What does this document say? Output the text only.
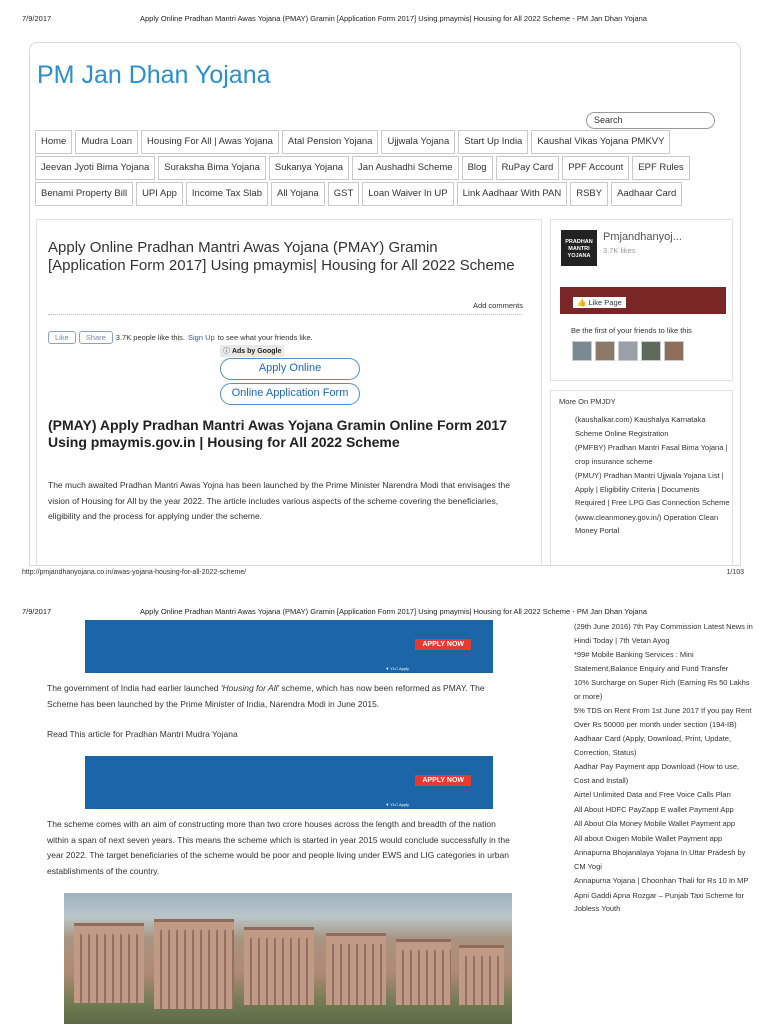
7/9/2017	Apply Online Pradhan Mantri Awas Yojana (PMAY) Gramin [Application Form 2017] Using pmaymis| Housing for All 2022 Scheme - PM Jan Dhan Yojana
PM Jan Dhan Yojana
Search
Home	Mudra Loan	Housing For All | Awas Yojana	Atal Pension Yojana	Ujjwala Yojana	Start Up India	Kaushal Vikas Yojana PMKVY
Jeevan Jyoti Bima Yojana	Suraksha Bima Yojana	Sukanya Yojana	Jan Aushadhi Scheme	Blog	RuPay Card	PPF Account	EPF Rules
Benami Property Bill	UPI App	Income Tax Slab	All Yojana	GST	Loan Waiver In UP	Link Aadhaar With PAN	RSBY	Aadhaar Card
Apply Online Pradhan Mantri Awas Yojana (PMAY) Gramin [Application Form 2017] Using pmaymis| Housing for All 2022 Scheme
Add comments
Like	Share	3.7K people like this. Sign Up to see what your friends like.
ⓘ Ads by Google
Apply Online
Online Application Form
(PMAY) Apply Pradhan Mantri Awas Yojana Gramin Online Form 2017 Using pmaymis.gov.in | Housing for All 2022 Scheme
The much awaited Pradhan Mantri Awas Yojna has been launched by the Prime Minister Narendra Modi that envisages the vision of Housing for All by the year 2022. The article includes various aspects of the scheme covering the beneficiaries, eligibility and the process for applying under the scheme.
PRADHAN MANTRI YOJANA
Pmjandhanyoj...
3.7K likes
👍 Like Page
Be the first of your friends to like this
More On PMJDY
(kaushalkar.com) Kaushalya Karnataka Scheme Online Registration
(PMFBY) Pradhan Mantri Fasal Bima Yojana | crop insurance scheme
(PMUY) Pradhan Mantri Ujjwala Yojana List | Apply | Eligibility Criteria | Documents Required | Free LPG Gas Connection Scheme
(www.cleanmoney.gov.in/) Operation Clean Money Portal
http://pmjandhanyojana.co.in/awas-yojana-housing-for-all-2022-scheme/	1/103
7/9/2017	Apply Online Pradhan Mantri Awas Yojana (PMAY) Gramin [Application Form 2017] Using pmaymis| Housing for All 2022 Scheme - PM Jan Dhan Yojana
APPLY NOW
▼ YLC Apply
The government of India had earlier launched 'Housing for All' scheme, which has now been reformed as PMAY. The Scheme has been launched by the Prime Minister of India, Narendra Modi in June 2015.
Read This article for Pradhan Mantri Mudra Yojana
APPLY NOW
▼ YLC Apply
The scheme comes with an aim of constructing more than two crore houses across the length and breadth of the nation within a span of next seven years. This means the scheme which is started in year 2015 would conclude successfully in the year 2022. The target beneficiaries of the scheme would be poor and people living under EWS and LIG categories in urban establishments of the country.
(29th June 2016) 7th Pay Commission Latest News in Hindi Today | 7th Vetan Ayog
*99# Mobile Banking Services : Mini Statement,Balance Enquiry and Fund Transfer
10% Surcharge on Super Rich (Earning Rs 50 Lakhs or more)
5% TDS on Rent From 1st June 2017 If you pay Rent Over Rs 50000 per month under section (194-IB)
Aadhaar Card (Apply, Download, Print, Update, Correction, Status)
Aadhar Pay Payment app Download (How to use, Cost and Install)
Airtel Unlimited Data and Free Voice Calls Plan
All About HDFC PayZapp E wallet Payment App
All About Ola Money Mobile Wallet Payment app
All about Oxigen Mobile Wallet Payment app
Annapurna Bhojanalaya Yojana In Uttar Pradesh by CM Yogi
Annapurna Yojana | Choonhan Thali for Rs 10 In MP
Apni Gaddi Apna Rozgar – Punjab Taxi Scheme for Jobless Youth
